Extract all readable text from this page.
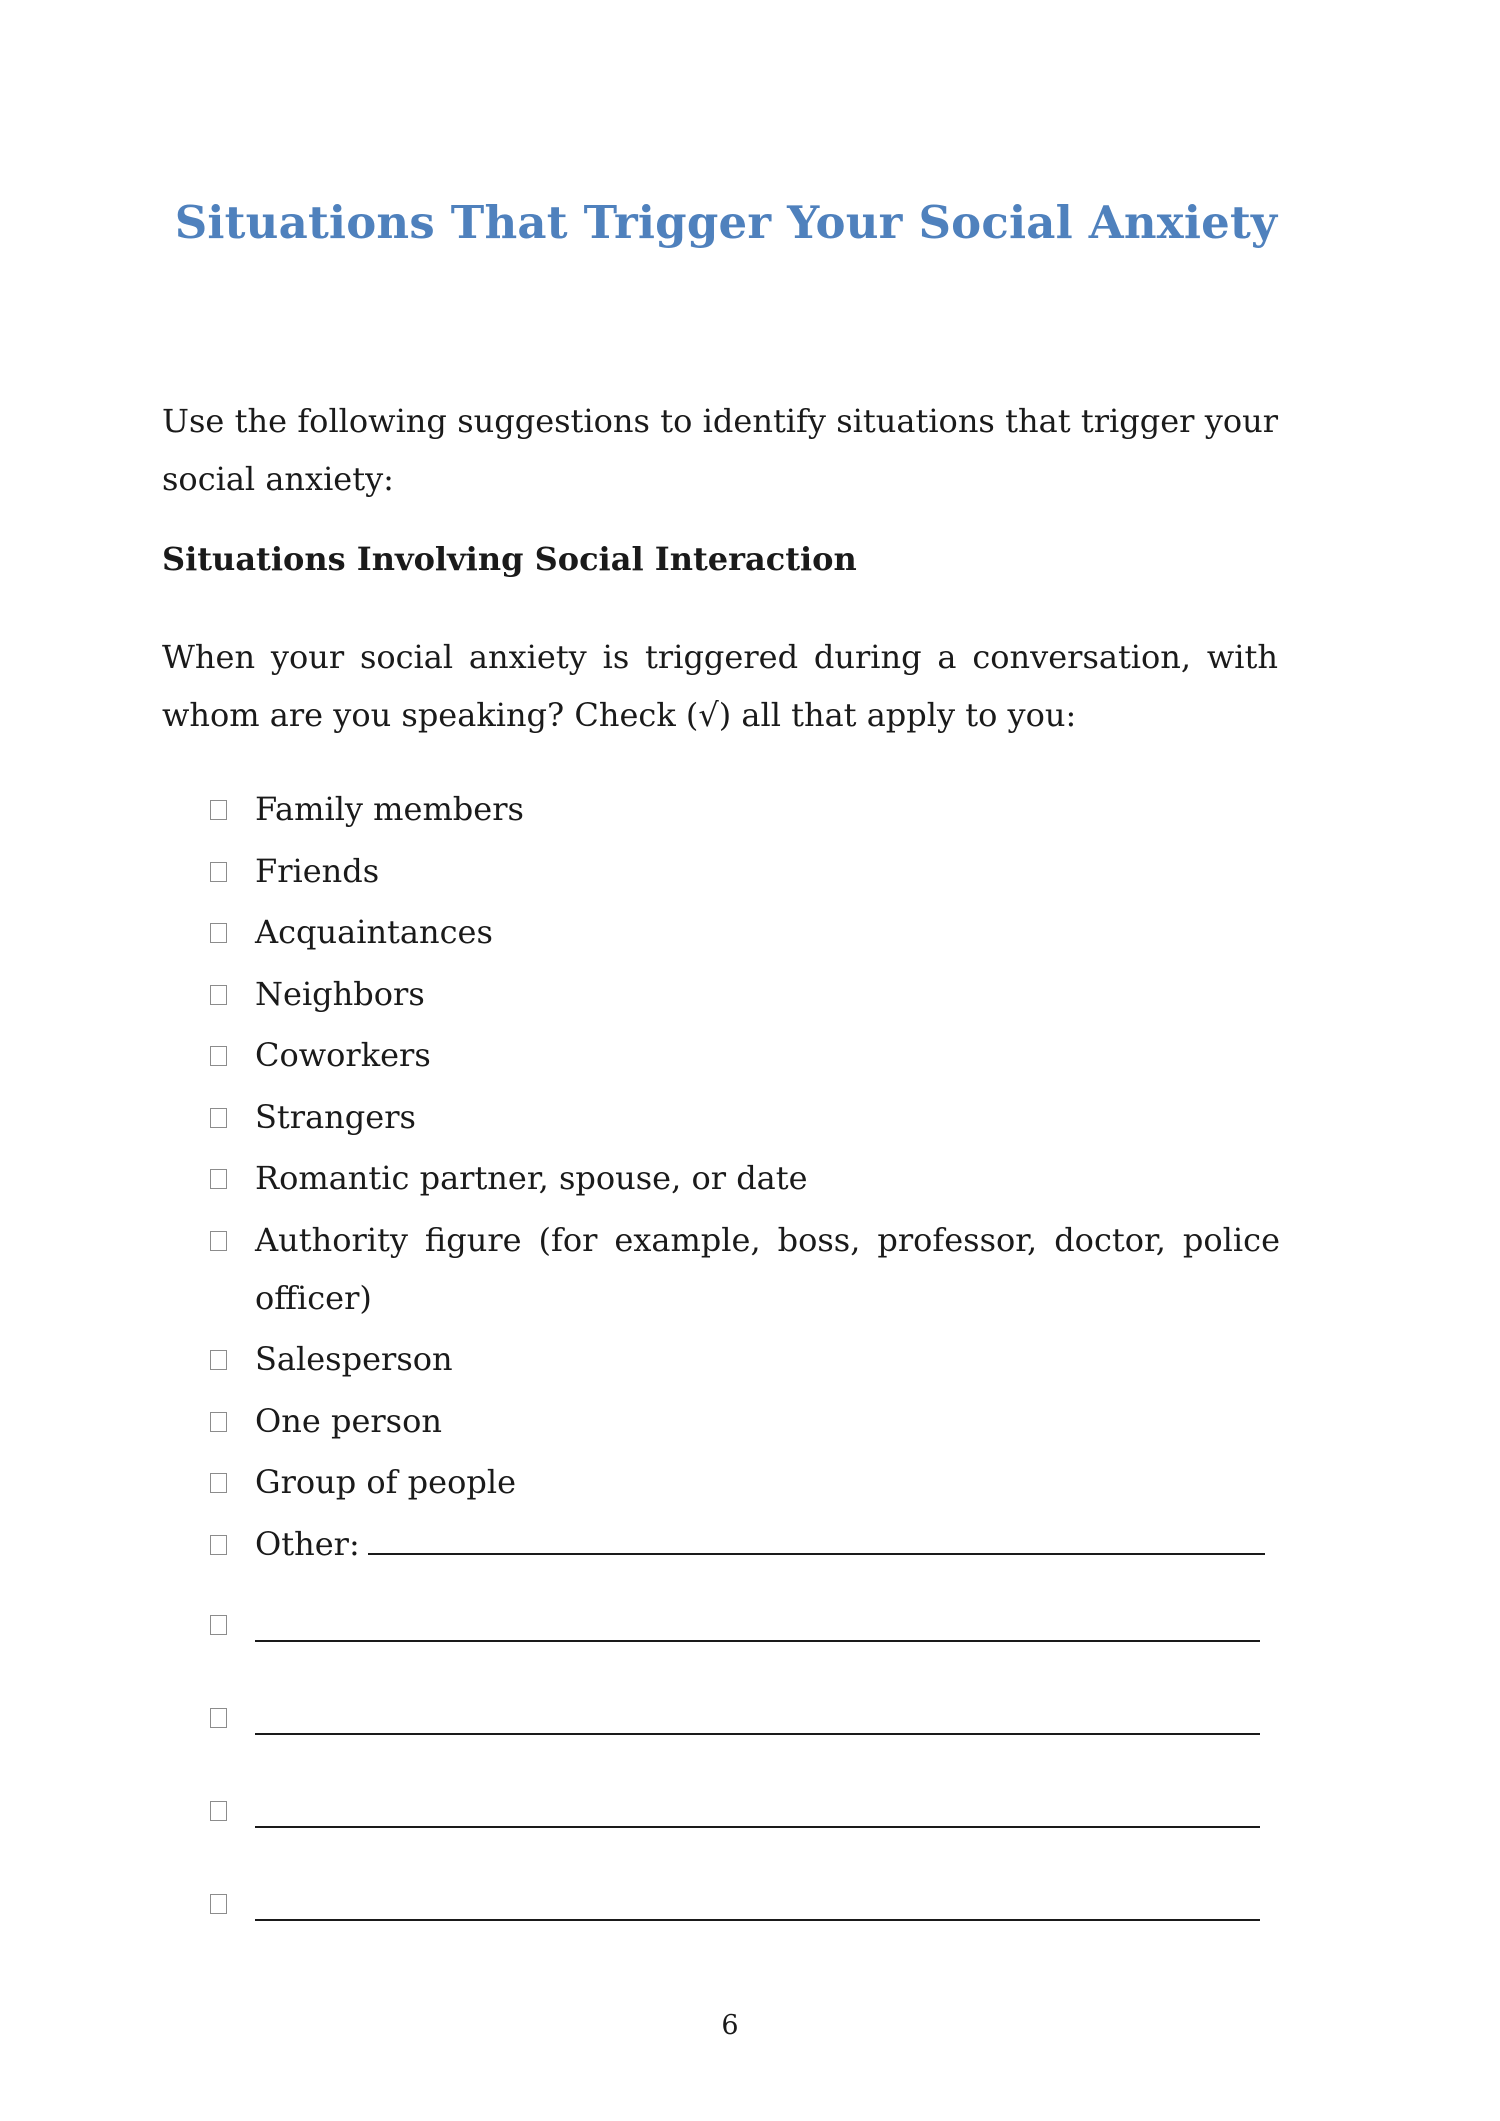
Situations That Trigger Your Social Anxiety

Use the following suggestions to identify situations that trigger your social anxiety:

Situations Involving Social Interaction

When your social anxiety is triggered during a conversation, with whom are you speaking? Check (√) all that apply to you:

Family members
Friends
Acquaintances
Neighbors
Coworkers
Strangers
Romantic partner, spouse, or date
Authority figure (for example, boss, professor, doctor, police officer)
Salesperson
One person
Group of people
Other:
6
